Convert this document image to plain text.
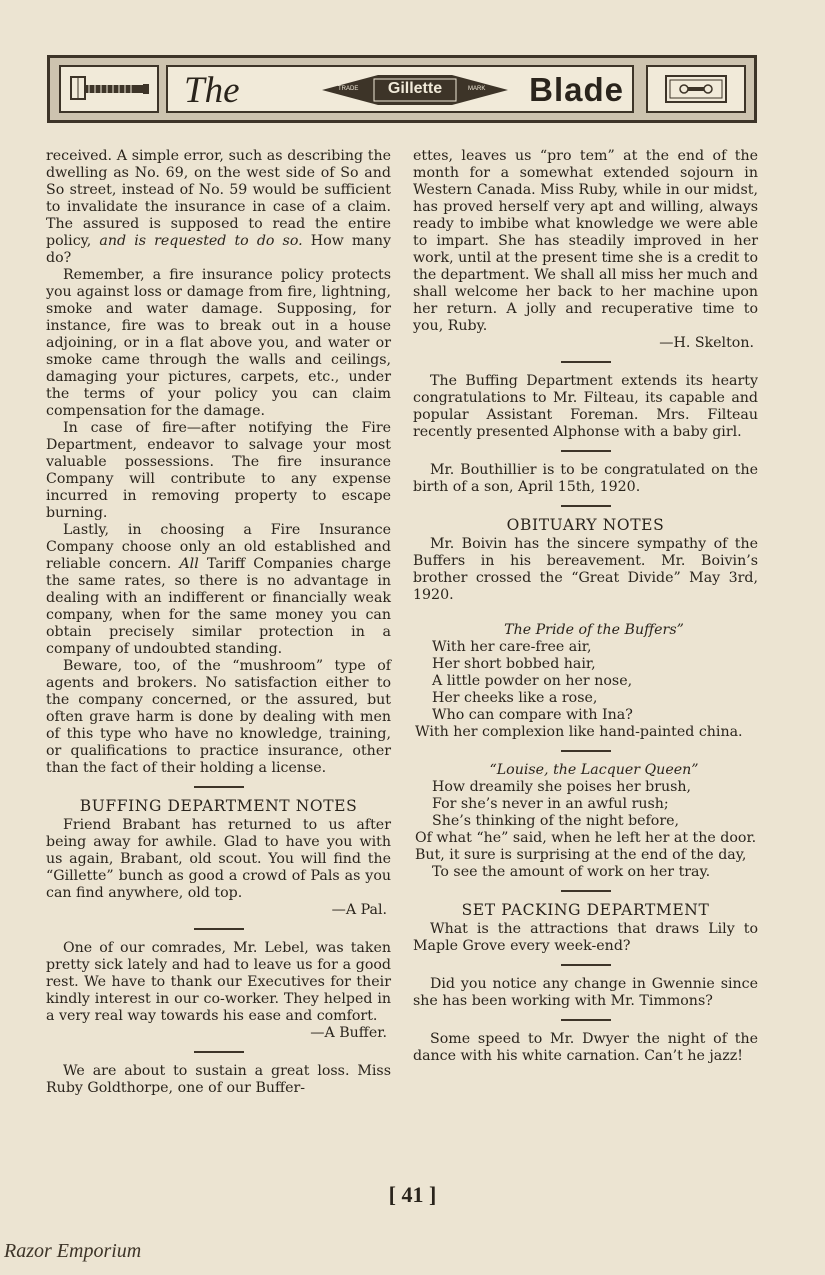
The	TRADE	Gillette	MARK Blade

received. A simple error, such as describing the dwelling as No. 69, on the west side of So and So street, instead of No. 59 would be sufficient to invalidate the insurance in case of a claim. The assured is supposed to read the entire policy, and is requested to do so. How many do?

Remember, a fire insurance policy protects you against loss or damage from fire, lightning, smoke and water damage. Supposing, for instance, fire was to break out in a house adjoining, or in a flat above you, and water or smoke came through the walls and ceilings, damaging your pictures, carpets, etc., under the terms of your policy you can claim compensation for the damage.

In case of fire—after notifying the Fire Department, endeavor to salvage your most valuable possessions. The fire insurance Company will contribute to any expense incurred in removing property to escape burning.

Lastly, in choosing a Fire Insurance Company choose only an old established and reliable concern. All Tariff Companies charge the same rates, so there is no advantage in dealing with an indifferent or financially weak company, when for the same money you can obtain precisely similar protection in a company of undoubted standing.

Beware, too, of the “mushroom” type of agents and brokers. No satisfaction either to the company concerned, or the assured, but often grave harm is done by dealing with men of this type who have no knowledge, training, or qualifications to practice insurance, other than the fact of their holding a license.

BUFFING DEPARTMENT NOTES

Friend Brabant has returned to us after being away for awhile. Glad to have you with us again, Brabant, old scout. You will find the “Gillette” bunch as good a crowd of Pals as you can find anywhere, old top.

—A Pal.

One of our comrades, Mr. Lebel, was taken pretty sick lately and had to leave us for a good rest. We have to thank our Executives for their kindly interest in our co-worker. They helped in a very real way towards his ease and comfort.

—A Buffer.

We are about to sustain a great loss. Miss Ruby Goldthorpe, one of our Buffer-

ettes, leaves us “pro tem” at the end of the month for a somewhat extended sojourn in Western Canada. Miss Ruby, while in our midst, has proved herself very apt and willing, always ready to imbibe what knowledge we were able to impart. She has steadily improved in her work, until at the present time she is a credit to the department. We shall all miss her much and shall welcome her back to her machine upon her return. A jolly and recuperative time to you, Ruby.

—H. Skelton.

The Buffing Department extends its hearty congratulations to Mr. Filteau, its capable and popular Assistant Foreman. Mrs. Filteau recently presented Alphonse with a baby girl.

Mr. Bouthillier is to be congratulated on the birth of a son, April 15th, 1920.

OBITUARY NOTES

Mr. Boivin has the sincere sympathy of the Buffers in his bereavement. Mr. Boivin’s brother crossed the “Great Divide” May 3rd, 1920.

The Pride of the Buffers”

With her care-free air,

Her short bobbed hair,

A little powder on her nose,

Her cheeks like a rose,

Who can compare with Ina?

With her complexion like hand-painted china.

“Louise, the Lacquer Queen”

How dreamily she poises her brush,

For she’s never in an awful rush;

She’s thinking of the night before,

Of what “he” said, when he left her at the door.

But, it sure is surprising at the end of the day,

To see the amount of work on her tray.

SET PACKING DEPARTMENT

What is the attractions that draws Lily to Maple Grove every week-end?

Did you notice any change in Gwennie since she has been working with Mr. Timmons?

Some speed to Mr. Dwyer the night of the dance with his white carnation. Can’t he jazz!

[ 41 ]
Razor Emporium
